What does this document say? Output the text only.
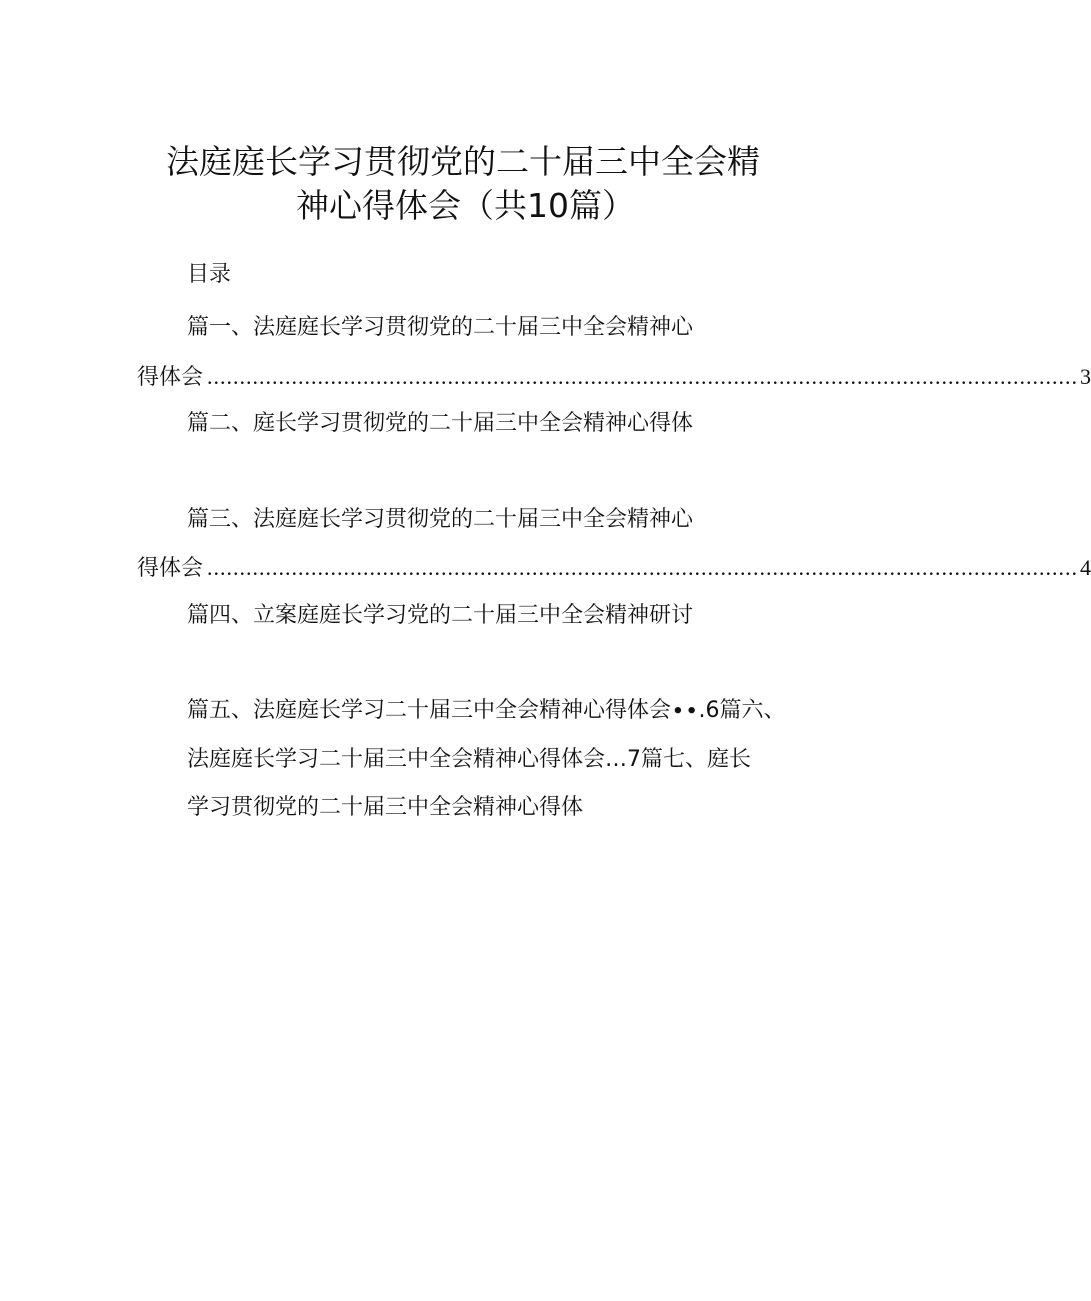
法庭庭长学习贯彻党的二十届三中全会精
神心得体会（共10篇）
目录
篇一、法庭庭长学习贯彻党的二十届三中全会精神心
得体会 ...................................................................................................................................... 3
篇二、庭长学习贯彻党的二十届三中全会精神心得体
篇三、法庭庭长学习贯彻党的二十届三中全会精神心
得体会 ...................................................................................................................................... 4
篇四、立案庭庭长学习党的二十届三中全会精神研讨
篇五、法庭庭长学习二十届三中全会精神心得体会∙∙.6篇六、
法庭庭长学习二十届三中全会精神心得体会…7篇七、庭长
学习贯彻党的二十届三中全会精神心得体
